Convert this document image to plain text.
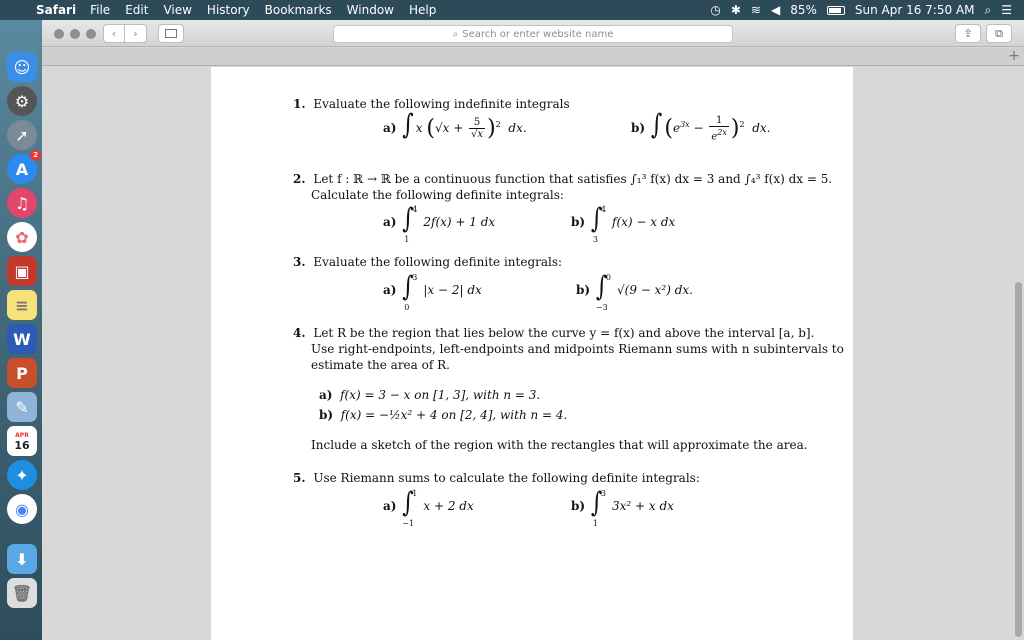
Safari File Edit View History Bookmarks Window Help	◷ ✱ ≋ ◀ 85%	Sun Apr 16 7:50 AM ⌕ ☰
☺
⚙
➚
A
2
♫
✿
▣
≡
W
P
✎
APR
16
✦
◉
⬇
🗑
‹	›	⌕ Search or enter website name	⇪	⧉
+
1. Evaluate the following indefinite integrals
a) ∫ x $(√x + \frac{5}{√x} )^2$ dx.	b) $\int(e^{3x} - \frac{1}{e^{2x}} )^2$ dx.
2. Let f : ℝ → ℝ be a continuous function that satisfies ∫₁³ f(x) dx = 3 and ∫₄³ f(x) dx = 5.
Calculate the following definite integrals:
a) ∫
4
1
2f(x) + 1 dx	b) ∫
4
3
f(x) − x dx
3. Evaluate the following definite integrals:
a) ∫
3
0
|x − 2| dx	b) ∫
0
−3
√(9 − x²) dx.
4. Let R be the region that lies below the curve y = f(x) and above the interval [a, b].
Use right-endpoints, left-endpoints and midpoints Riemann sums with n subintervals to
estimate the area of R.
a) f(x) = 3 − x on [1, 3], with n = 3.
b) f(x) = −½x² + 4 on [2, 4], with n = 4.
Include a sketch of the region with the rectangles that will approximate the area.
5. Use Riemann sums to calculate the following definite integrals:
a) ∫
1
−1
x + 2 dx	b) ∫
3
1
3x² + x dx
